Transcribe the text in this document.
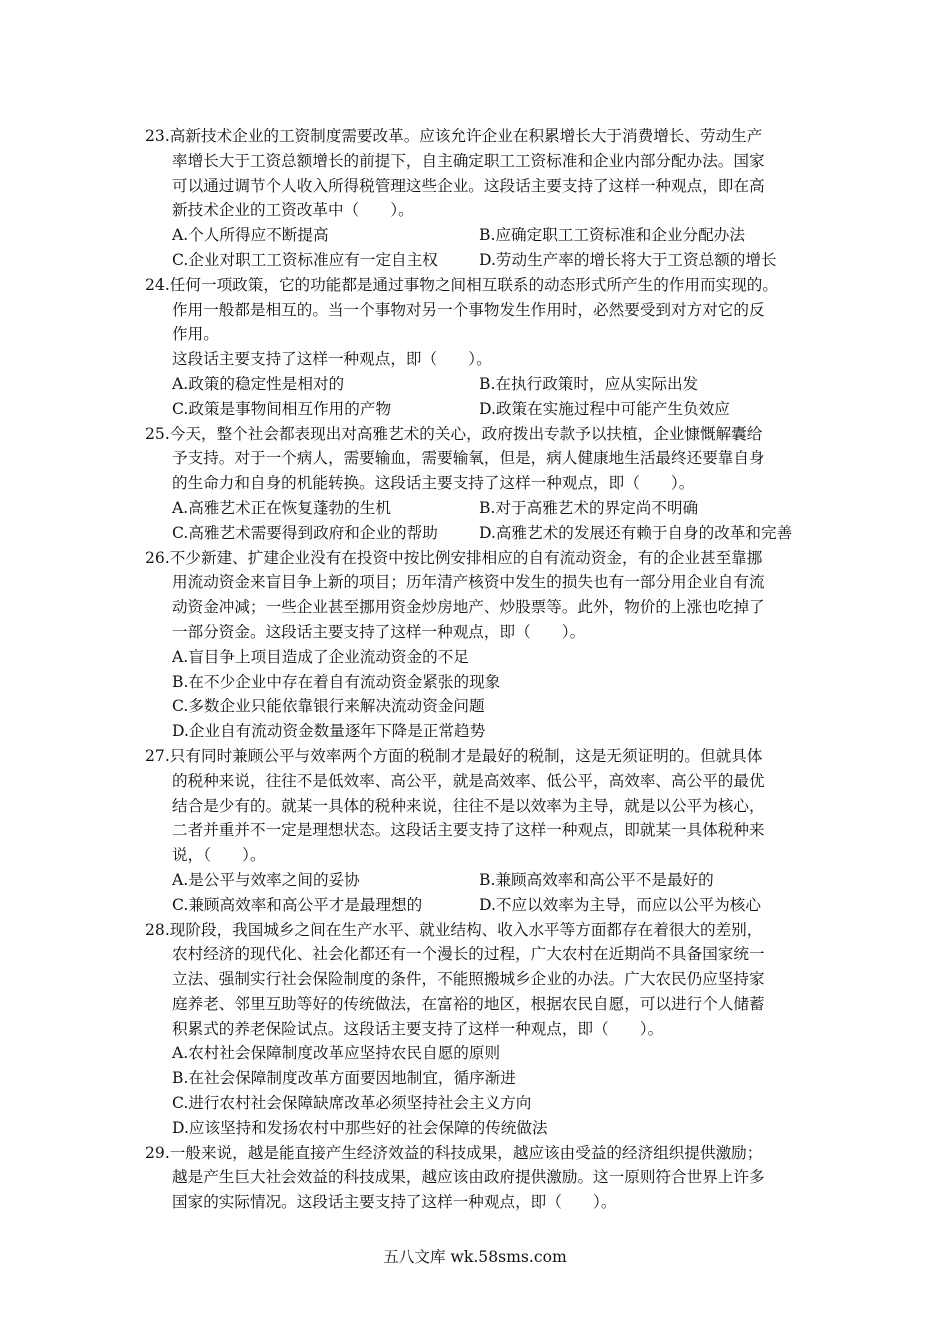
23.高新技术企业的工资制度需要改革。应该允许企业在积累增长大于消费增长、劳动生产
率增长大于工资总额增长的前提下，自主确定职工工资标准和企业内部分配办法。国家
可以通过调节个人收入所得税管理这些企业。这段话主要支持了这样一种观点，即在高
新技术企业的工资改革中（　　）。
A.个人所得应不断提高	B.应确定职工工资标准和企业分配办法
C.企业对职工工资标准应有一定自主权	D.劳动生产率的增长将大于工资总额的增长
24.任何一项政策，它的功能都是通过事物之间相互联系的动态形式所产生的作用而实现的。
作用一般都是相互的。当一个事物对另一个事物发生作用时，必然要受到对方对它的反
作用。
这段话主要支持了这样一种观点，即（　　）。
A.政策的稳定性是相对的	B.在执行政策时，应从实际出发
C.政策是事物间相互作用的产物	D.政策在实施过程中可能产生负效应
25.今天，整个社会都表现出对高雅艺术的关心，政府拨出专款予以扶植，企业慷慨解囊给
予支持。对于一个病人，需要输血，需要输氧，但是，病人健康地生活最终还要靠自身
的生命力和自身的机能转换。这段话主要支持了这样一种观点，即（　　）。
A.高雅艺术正在恢复蓬勃的生机	B.对于高雅艺术的界定尚不明确
C.高雅艺术需要得到政府和企业的帮助	D.高雅艺术的发展还有赖于自身的改革和完善
26.不少新建、扩建企业没有在投资中按比例安排相应的自有流动资金，有的企业甚至靠挪
用流动资金来盲目争上新的项目；历年清产核资中发生的损失也有一部分用企业自有流
动资金冲减；一些企业甚至挪用资金炒房地产、炒股票等。此外，物价的上涨也吃掉了
一部分资金。这段话主要支持了这样一种观点，即（　　）。
A.盲目争上项目造成了企业流动资金的不足
B.在不少企业中存在着自有流动资金紧张的现象
C.多数企业只能依靠银行来解决流动资金问题
D.企业自有流动资金数量逐年下降是正常趋势
27.只有同时兼顾公平与效率两个方面的税制才是最好的税制，这是无须证明的。但就具体
的税种来说，往往不是低效率、高公平，就是高效率、低公平，高效率、高公平的最优
结合是少有的。就某一具体的税种来说，往往不是以效率为主导，就是以公平为核心，
二者并重并不一定是理想状态。这段话主要支持了这样一种观点，即就某一具体税种来
说，（　　）。
A.是公平与效率之间的妥协	B.兼顾高效率和高公平不是最好的
C.兼顾高效率和高公平才是最理想的	D.不应以效率为主导，而应以公平为核心
28.现阶段，我国城乡之间在生产水平、就业结构、收入水平等方面都存在着很大的差别，
农村经济的现代化、社会化都还有一个漫长的过程，广大农村在近期尚不具备国家统一
立法、强制实行社会保险制度的条件，不能照搬城乡企业的办法。广大农民仍应坚持家
庭养老、邻里互助等好的传统做法，在富裕的地区，根据农民自愿，可以进行个人储蓄
积累式的养老保险试点。这段话主要支持了这样一种观点，即（　　）。
A.农村社会保障制度改革应坚持农民自愿的原则
B.在社会保障制度改革方面要因地制宜，循序渐进
C.进行农村社会保障缺席改革必须坚持社会主义方向
D.应该坚持和发扬农村中那些好的社会保障的传统做法
29.一般来说，越是能直接产生经济效益的科技成果，越应该由受益的经济组织提供激励；
越是产生巨大社会效益的科技成果，越应该由政府提供激励。这一原则符合世界上许多
国家的实际情况。这段话主要支持了这样一种观点，即（　　）。
五八文库 wk.58sms.com
